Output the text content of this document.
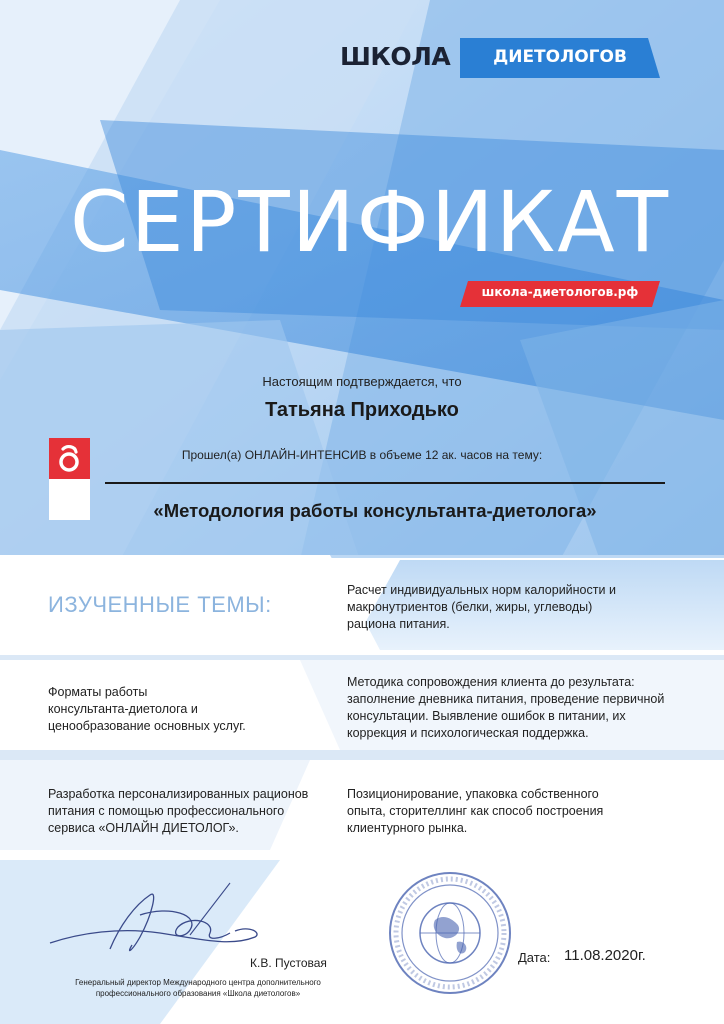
ШКОЛА	ДИЕТОЛОГОВ
СЕРТИФИКАТ
школа-диетологов.рф
Настоящим подтверждается, что
Татьяна Приходько
Прошел(а) ОНЛАЙН-ИНТЕНСИВ в объеме 12 ак. часов на тему:
«Методология работы консультанта-диетолога»
ИЗУЧЕННЫЕ ТЕМЫ:
Расчет индивидуальных норм калорийности и
макронутриентов (белки, жиры, углеводы)
рациона питания.
Форматы работы
консультанта-диетолога и
ценообразование основных услуг.
Методика сопровождения клиента до результата:
заполнение дневника питания, проведение первичной
консультации. Выявление ошибок в питании, их
коррекция и психологическая поддержка.
Разработка персонализированных рационов
питания с помощью профессионального
сервиса «ОНЛАЙН ДИЕТОЛОГ».
Позиционирование, упаковка собственного
опыта, сторителлинг как способ построения
клиентурного рынка.
К.В. Пустовая
Генеральный директор Международного центра дополнительного
профессионального образования «Школа диетологов»
Дата: 11.08.2020г.
